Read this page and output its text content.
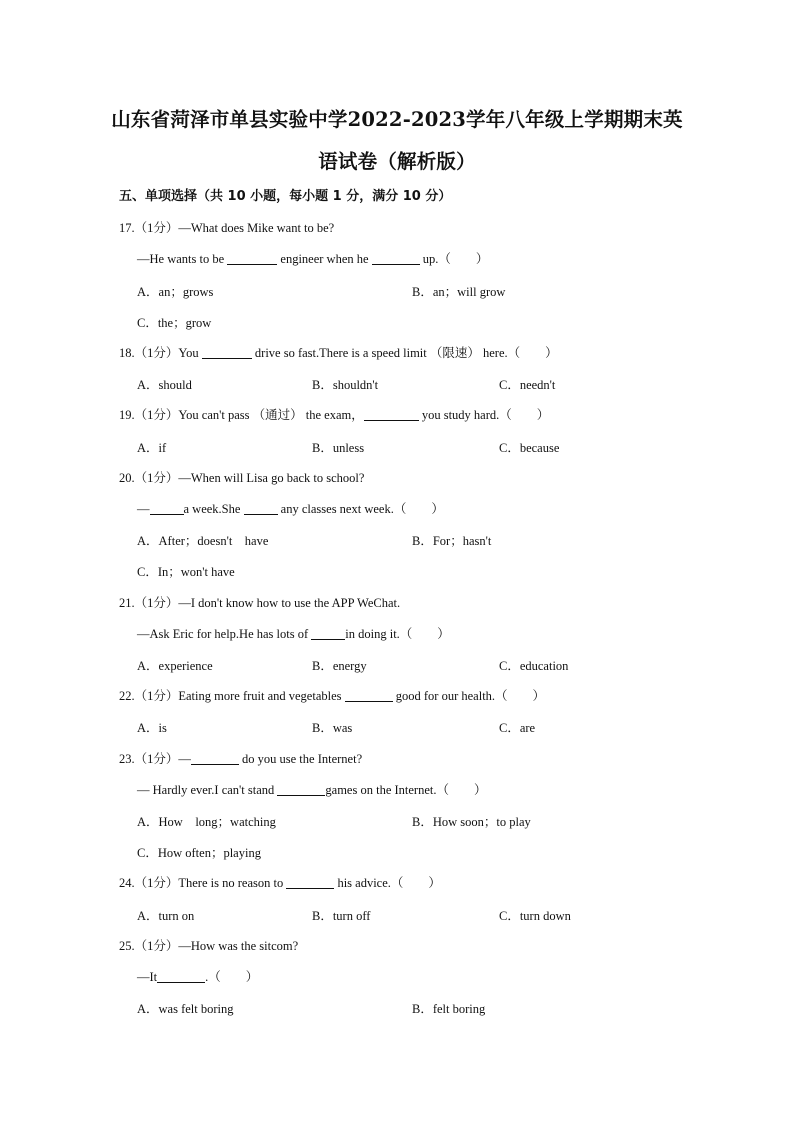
山东省菏泽市单县实验中学2022-2023学年八年级上学期期末英
语试卷（解析版）
五、单项选择（共 10 小题，每小题 1 分，满分 10 分）
17.（1分）—What does Mike want to be?
—He wants to be	engineer when he	up.（　　）
A．an；grows	B．an；will grow
C．the；grow
18.（1分）You	drive so fast.There is a speed limit （限速） here.（　　）
A．should	B．shouldn't	C．needn't
19.（1分）You can't pass （通过） the exam，	you study hard.（　　）
A．if	B．unless	C．because
20.（1分）—When will Lisa go back to school?
—	a week.She	any classes next week.（　　）
A．After；doesn't　have	B．For；hasn't
C．In；won't have
21.（1分）—I don't know how to use the APP WeChat.
—Ask Eric for help.He has lots of	in doing it.（　　）
A．experience	B．energy	C．education
22.（1分）Eating more fruit and vegetables	good for our health.（　　）
A．is	B．was	C．are
23.（1分）—	do you use the Internet?
— Hardly ever.I can't stand	games on the Internet.（　　）
A．How　long；watching	B．How soon；to play
C．How often；playing
24.（1分）There is no reason to	his advice.（　　）
A．turn on	B．turn off	C．turn down
25.（1分）—How was the sitcom?
—It	.（　　）
A．was felt boring	B．felt boring
